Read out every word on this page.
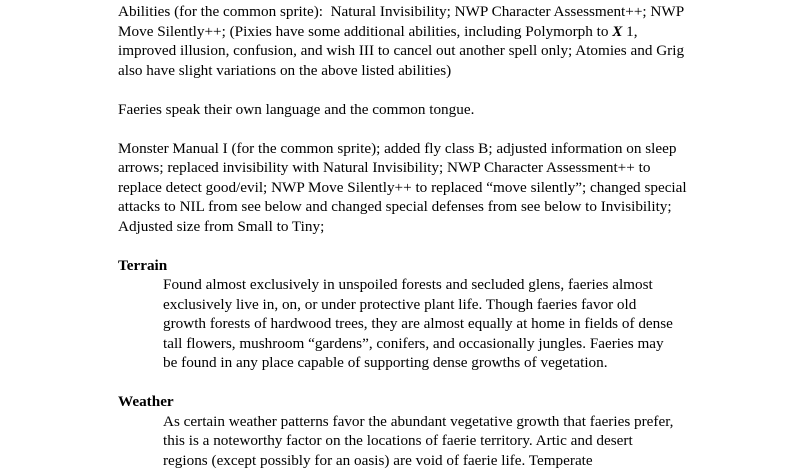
Abilities (for the common sprite):  Natural Invisibility; NWP Character Assessment++; NWP Move Silently++; (Pixies have some additional abilities, including Polymorph to X 1, improved illusion, confusion, and wish III to cancel out another spell only; Atomies and Grig also have slight variations on the above listed abilities)

Faeries speak their own language and the common tongue.

Monster Manual I (for the common sprite); added fly class B; adjusted information on sleep arrows; replaced invisibility with Natural Invisibility; NWP Character Assessment++ to replace detect good/evil; NWP Move Silently++ to replaced “move silently”; changed special attacks to NIL from see below and changed special defenses from see below to Invisibility; Adjusted size from Small to Tiny;

Terrain

Found almost exclusively in unspoiled forests and secluded glens, faeries almost exclusively live in, on, or under protective plant life. Though faeries favor old growth forests of hardwood trees, they are almost equally at home in fields of dense tall flowers, mushroom “gardens”, conifers, and occasionally jungles. Faeries may be found in any place capable of supporting dense growths of vegetation.

Weather

As certain weather patterns favor the abundant vegetative growth that faeries prefer, this is a noteworthy factor on the locations of faerie territory. Artic and desert regions (except possibly for an oasis) are void of faerie life. Temperate
